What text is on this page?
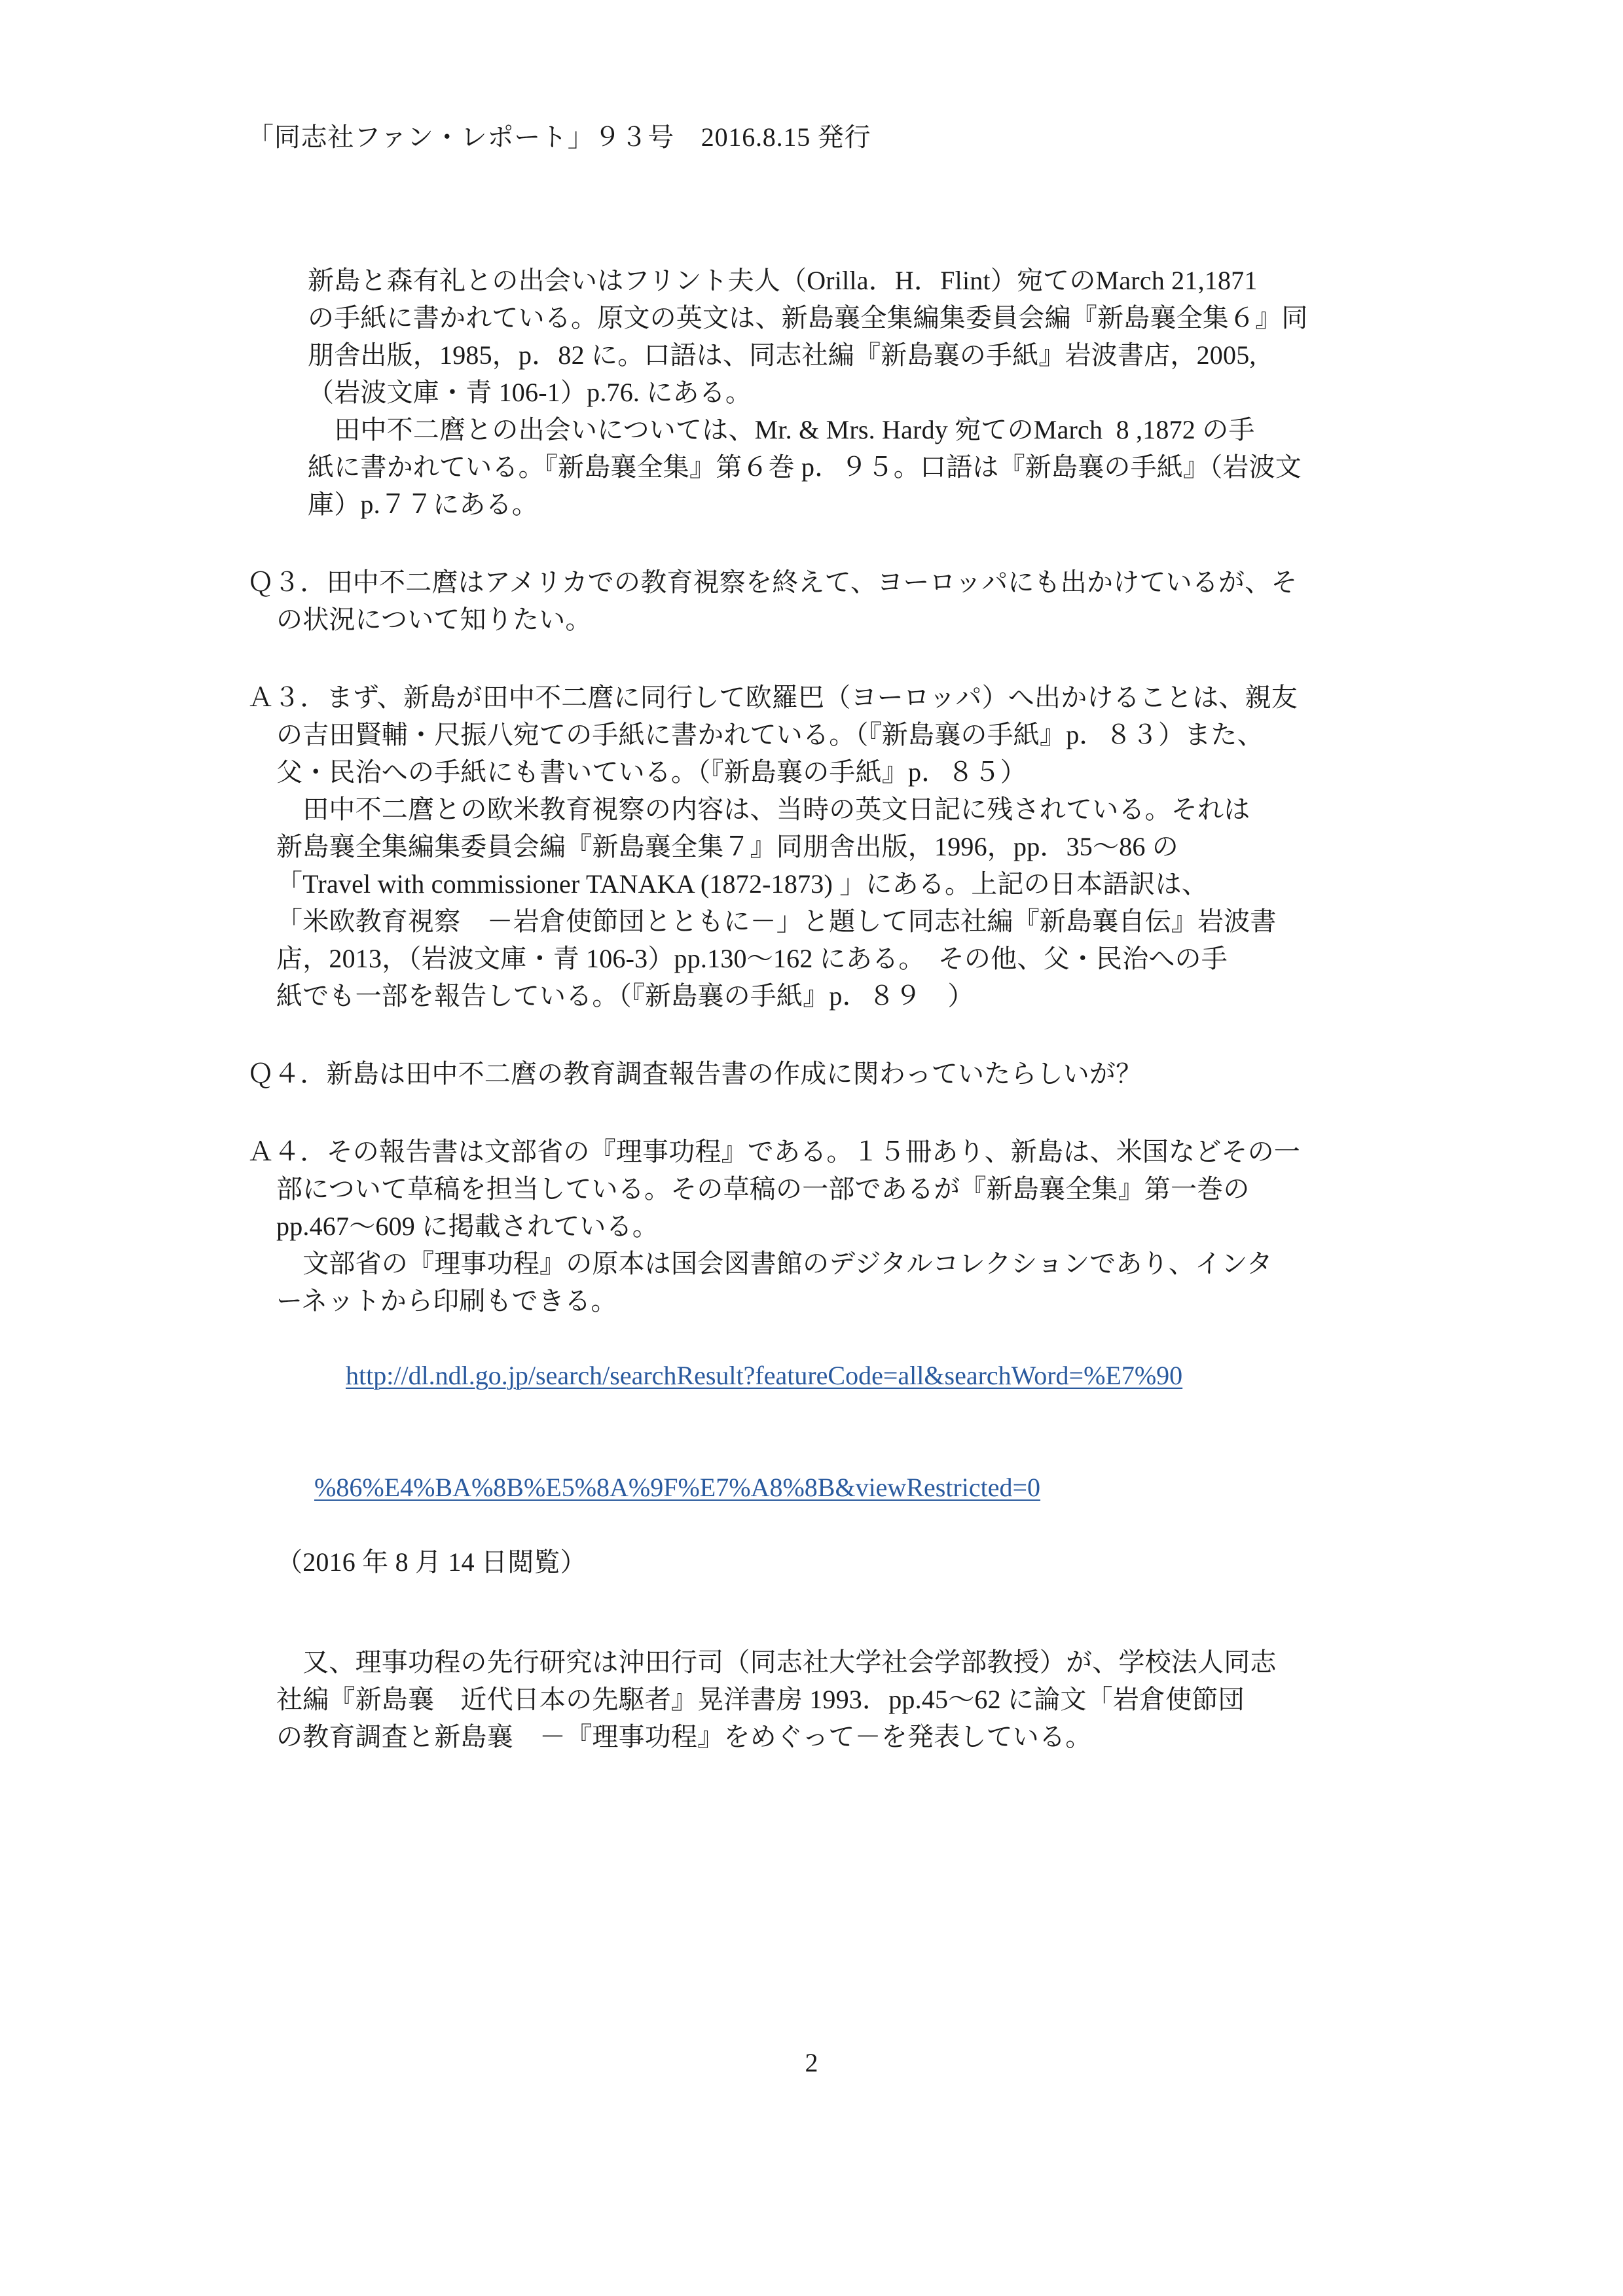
「同志社ファン・レポート」９３号　2016.8.15 発行
新島と森有礼との出会いはフリント夫人（Orilla．H．Flint）宛てのMarch 21,1871
の手紙に書かれている。原文の英文は、新島襄全集編集委員会編『新島襄全集６』同
朋舎出版，1985，p．82 に。口語は、同志社編『新島襄の手紙』岩波書店，2005,
（岩波文庫・青 106-1）p.76. にある。
　田中不二麿との出会いについては、Mr. & Mrs. Hardy 宛てのMarch  8 ,1872 の手
紙に書かれている。『新島襄全集』第６巻 p．９５。口語は『新島襄の手紙』（岩波文
庫）p.７７にある。
Ｑ３．田中不二麿はアメリカでの教育視察を終えて、ヨーロッパにも出かけているが、そ
の状況について知りたい。
Ａ３．まず、新島が田中不二麿に同行して欧羅巴（ヨーロッパ）へ出かけることは、親友
の吉田賢輔・尺振八宛ての手紙に書かれている。（『新島襄の手紙』p．８３）また、
父・民治への手紙にも書いている。（『新島襄の手紙』p．８５）
　田中不二麿との欧米教育視察の内容は、当時の英文日記に残されている。それは
新島襄全集編集委員会編『新島襄全集７』同朋舎出版，1996，pp．35〜86 の
「Travel with commissioner TANAKA (1872-1873) 」にある。上記の日本語訳は、
「米欧教育視察　－岩倉使節団とともに－」と題して同志社編『新島襄自伝』岩波書
店，2013，（岩波文庫・青 106-3）pp.130〜162 にある。　その他、父・民治への手
紙でも一部を報告している。（『新島襄の手紙』p．８９　）
Ｑ４．新島は田中不二麿の教育調査報告書の作成に関わっていたらしいが？
Ａ４．その報告書は文部省の『理事功程』である。１５冊あり、新島は、米国などその一
部について草稿を担当している。その草稿の一部であるが『新島襄全集』第一巻の
pp.467〜609 に掲載されている。
　文部省の『理事功程』の原本は国会図書館のデジタルコレクションであり、インタ
ーネットから印刷もできる。

http://dl.ndl.go.jp/search/searchResult?featureCode=all&searchWord=%E7%90

%86%E4%BA%8B%E5%8A%9F%E7%A8%8B&viewRestricted=0

（2016 年 8 月 14 日閲覧）
　又、理事功程の先行研究は沖田行司（同志社大学社会学部教授）が、学校法人同志
社編『新島襄　近代日本の先駆者』晃洋書房 1993．pp.45〜62 に論文「岩倉使節団
の教育調査と新島襄　－『理事功程』をめぐって－を発表している。
2
